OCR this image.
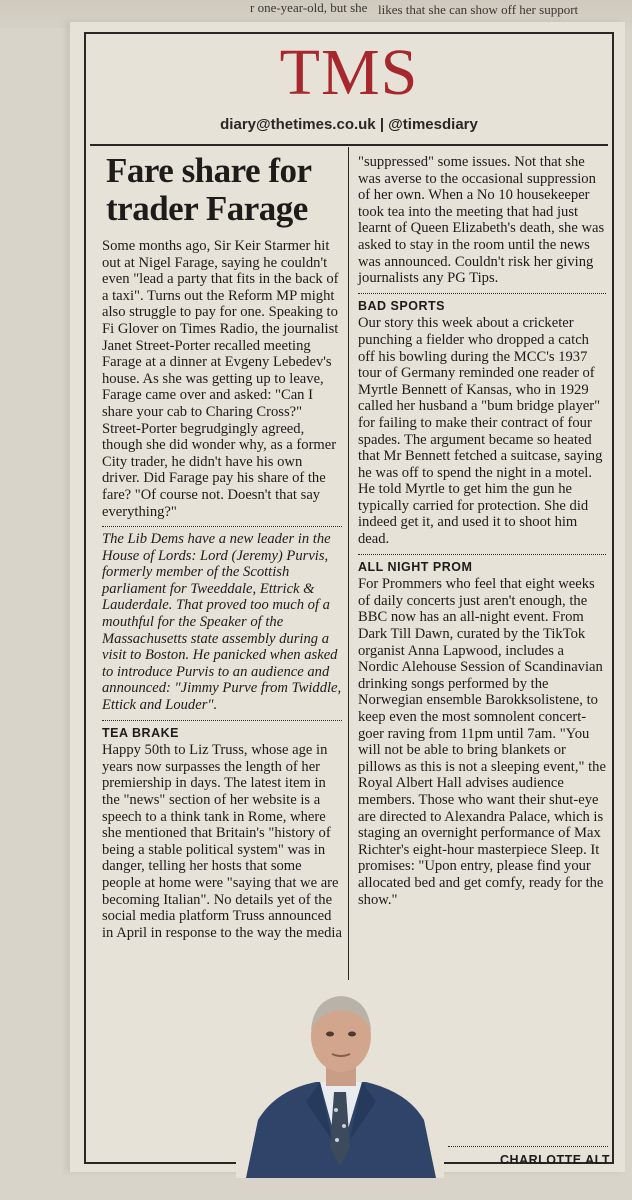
r one-year-old, but she likes that she can show off her support
TMS
diary@thetimes.co.uk | @timesdiary
Fare share for trader Farage

Some months ago, Sir Keir Starmer hit out at Nigel Farage, saying he couldn't even "lead a party that fits in the back of a taxi". Turns out the Reform MP might also struggle to pay for one. Speaking to Fi Glover on Times Radio, the journalist Janet Street-Porter recalled meeting Farage at a dinner at Evgeny Lebedev's house. As she was getting up to leave, Farage came over and asked: "Can I share your cab to Charing Cross?" Street-Porter begrudgingly agreed, though she did wonder why, as a former City trader, he didn't have his own driver. Did Farage pay his share of the fare? "Of course not. Doesn't that say everything?"

The Lib Dems have a new leader in the House of Lords: Lord (Jeremy) Purvis, formerly member of the Scottish parliament for Tweeddale, Ettrick & Lauderdale. That proved too much of a mouthful for the Speaker of the Massachusetts state assembly during a visit to Boston. He panicked when asked to introduce Purvis to an audience and announced: "Jimmy Purve from Twiddle, Ettick and Louder".

TEA BRAKE

Happy 50th to Liz Truss, whose age in years now surpasses the length of her premiership in days. The latest item in the "news" section of her website is a speech to a think tank in Rome, where she mentioned that Britain's "history of being a stable political system" was in danger, telling her hosts that some people at home were "saying that we are becoming Italian". No details yet of the social media platform Truss announced in April in response to the way the media

"suppressed" some issues. Not that she was averse to the occasional suppression of her own. When a No 10 housekeeper took tea into the meeting that had just learnt of Queen Elizabeth's death, she was asked to stay in the room until the news was announced. Couldn't risk her giving journalists any PG Tips.

BAD SPORTS

Our story this week about a cricketer punching a fielder who dropped a catch off his bowling during the MCC's 1937 tour of Germany reminded one reader of Myrtle Bennett of Kansas, who in 1929 called her husband a "bum bridge player" for failing to make their contract of four spades. The argument became so heated that Mr Bennett fetched a suitcase, saying he was off to spend the night in a motel. He told Myrtle to get him the gun he typically carried for protection. She did indeed get it, and used it to shoot him dead.

ALL NIGHT PROM

For Prommers who feel that eight weeks of daily concerts just aren't enough, the BBC now has an all-night event. From Dark Till Dawn, curated by the TikTok organist Anna Lapwood, includes a Nordic Alehouse Session of Scandinavian drinking songs performed by the Norwegian ensemble Barokksolistene, to keep even the most somnolent concert-goer raving from 11pm until 7am. "You will not be able to bring blankets or pillows as this is not a sleeping event," the Royal Albert Hall advises audience members. Those who want their shut-eye are directed to Alexandra Palace, which is staging an overnight performance of Max Richter's eight-hour masterpiece Sleep. It promises: "Upon entry, please find your allocated bed and get comfy, ready for the show."

CHARLOTTE ALT
